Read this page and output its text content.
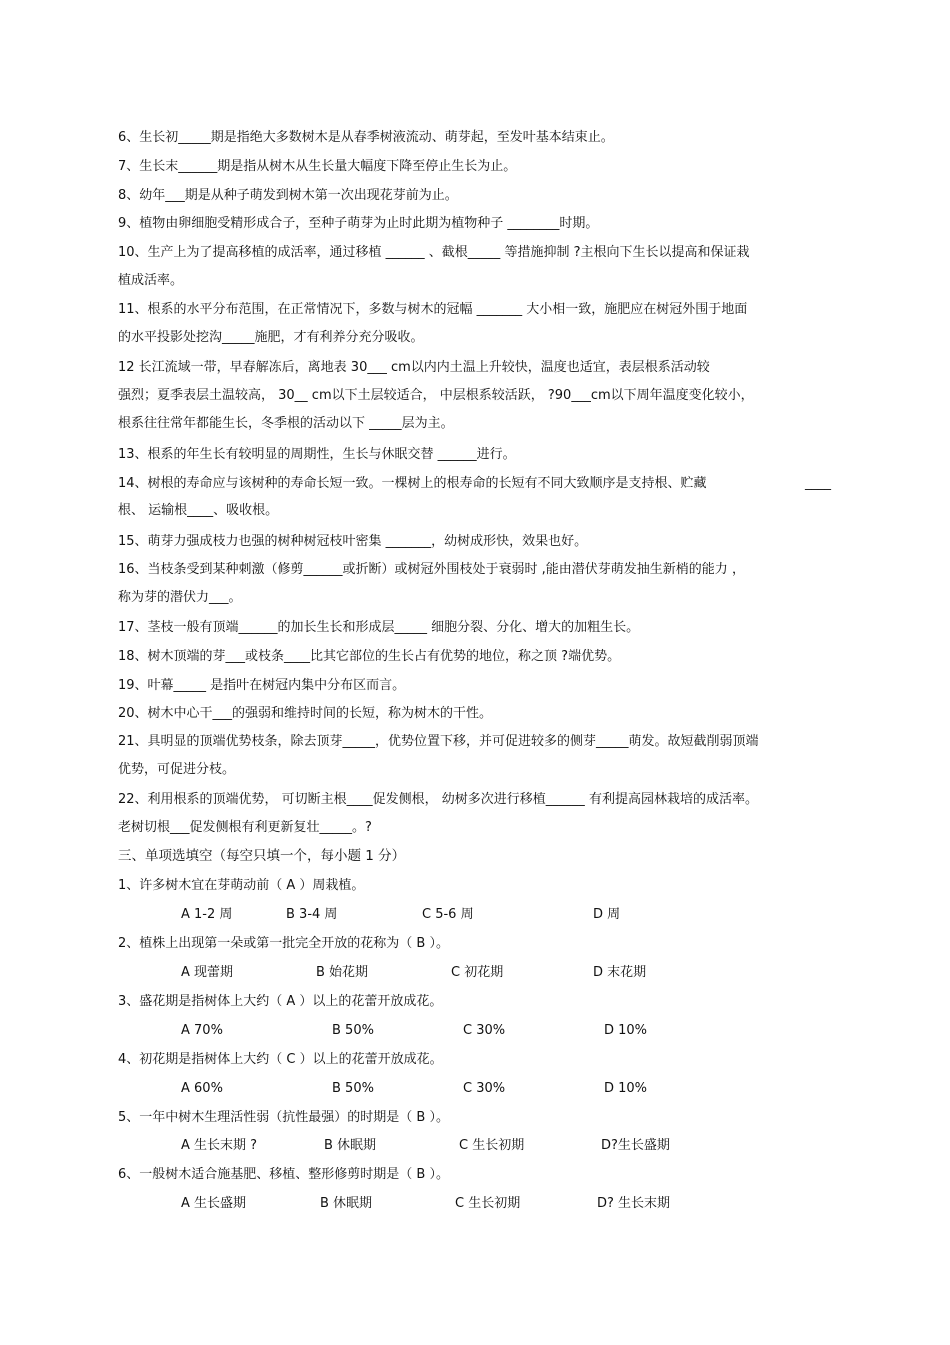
6、生长初_____期是指绝大多数树木是从春季树液流动、萌芽起，至发叶基本结束止。
7、生长末______期是指从树木从生长量大幅度下降至停止生长为止。
8、幼年___期是从种子萌发到树木第一次出现花芽前为止。
9、植物由卵细胞受精形成合子，至种子萌芽为止时此期为植物种子 ________时期。
10、生产上为了提高移植的成活率，通过移植 ______ 、截根_____ 等措施抑制 ?主根向下生长以提高和保证栽
植成活率。
11、根系的水平分布范围，在正常情况下，多数与树木的冠幅 _______ 大小相一致，施肥应在树冠外围于地面
的水平投影处挖沟_____施肥，才有利养分充分吸收。
12 长江流域一带，早春解冻后，离地表 30___ cm以内内土温上升较快，温度也适宜，表层根系活动较
强烈；夏季表层土温较高， 30__ cm以下土层较适合， 中层根系较活跃， ?90___cm以下周年温度变化较小，
根系往往常年都能生长，冬季根的活动以下 _____层为主。
13、根系的年生长有较明显的周期性，生长与休眠交替 ______进行。
14、树根的寿命应与该树种的寿命长短一致。一棵树上的根寿命的长短有不同大致顺序是支持根、贮藏	____
根、 运输根____、吸收根。
15、萌芽力强成枝力也强的树种树冠枝叶密集 _______，幼树成形快，效果也好。
16、当枝条受到某种刺激（修剪______或折断）或树冠外围枝处于衰弱时 ,能由潜伏芽萌发抽生新梢的能力 ，
称为芽的潜伏力___。
17、茎枝一般有顶端______的加长生长和形成层_____ 细胞分裂、分化、增大的加粗生长。
18、树木顶端的芽___或枝条____比其它部位的生长占有优势的地位，称之顶 ?端优势。
19、叶幕_____ 是指叶在树冠内集中分布区而言。
20、树木中心干___的强弱和维持时间的长短，称为树木的干性。
21、具明显的顶端优势枝条，除去顶芽_____，优势位置下移，并可促进较多的侧芽_____萌发。故短截削弱顶端
优势，可促进分枝。
22、利用根系的顶端优势， 可切断主根____促发侧根， 幼树多次进行移植______ 有利提高园林栽培的成活率。
老树切根___促发侧根有利更新复壮_____。?
三、单项选填空（每空只填一个，每小题 1 分）
1、许多树木宜在芽萌动前（ A ）周栽植。
A 1-2 周	B 3-4 周	C 5-6 周	D 周
2、植株上出现第一朵或第一批完全开放的花称为（ B ）。
A 现蕾期	B 始花期	C 初花期	D 末花期
3、盛花期是指树体上大约（ A ）以上的花蕾开放成花。
A 70%	B 50%	C 30%	D 10%
4、初花期是指树体上大约（ C ）以上的花蕾开放成花。
A 60%	B 50%	C 30%	D 10%
5、一年中树木生理活性弱（抗性最强）的时期是（ B ）。
A 生长末期 ?	B 休眠期	C 生长初期	D?生长盛期
6、一般树木适合施基肥、移植、整形修剪时期是（ B ）。
A 生长盛期	B 休眠期	C 生长初期	D? 生长末期
